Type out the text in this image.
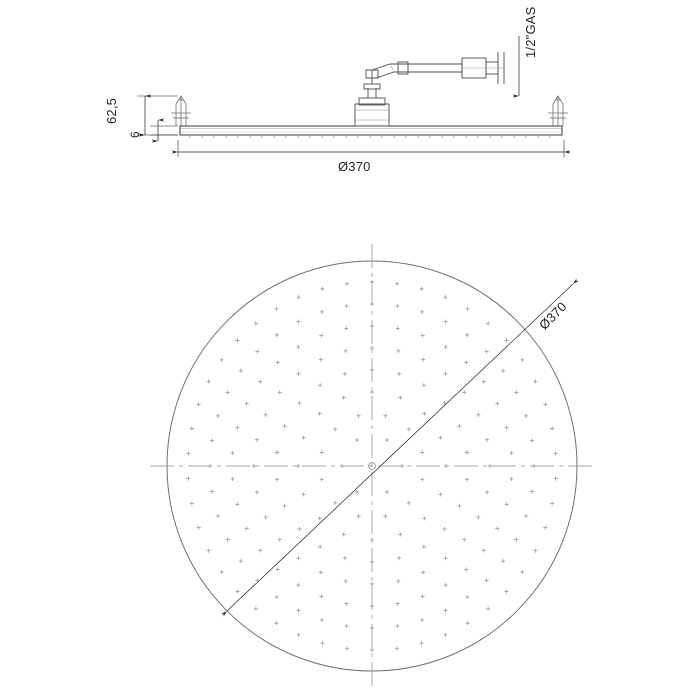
Ø370
1/2"GAS
62,5
6
Ø370
